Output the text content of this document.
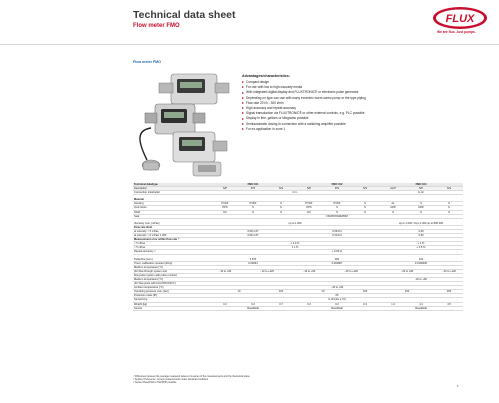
Technical data sheet
Flow meter FMO
FLUX
We are flux. Just pumps.
Flow meter FMO
Advantages/characteristics:
Compact design
For use with low to high-viscosity media
With integrated digital display and FLUXTRONIC® or electronic pulse generator
Depending on type can use with many eccentric worm screw pump or the type piping
Flow rate 20 l/h - 300 l/min
High accuracy and repeat accuracy
Signal transduction via FLUXTRONIC® or other external controls, e.g. PLC possible
Display in litre, gallons or kilograms possible
Semiautomatic dosing in connection with a switching amplifier possible
For ex-application in zone 1
Technical data/type	FMO 101			FMO 102			FMO 104		
Description	S/P	P/S	S/S	S/P	P/S	S/S	AL/P	S/P	S/S
Connection inlet/outlet	G ¾						G 1¼		

Material									
Housing	PVDF	PVDF	S	PVDF	PVDF	S	AL	S	S
Oval rotors	PPS	S	S	PPS	S	S	UDP	UDP	S
Shaft	HC	S	S	HC	S	S	S	S	S
Seal	FKM/FFKM/EPDM								

Viscosity max. [mPas]	up to 1 000						up to 1 000 / from 1 000 up to 800 000		
Flow rate l/min									
at viscosity < 5 mPas	0.08-1.67			0.66-8.3			3-25		
at viscosity > 5 mPas/ 1 000	0.08-1.67			0.33-8.3			3-50		
Measurement error within flow rate ¹⁾									
< 5 mPas	≤ 1.0 %						≤ 1 %		
> 5 mPas	± 1 %						≤ 0.5 %		
Repeat accuracy ¹⁾	≤ 0.03 %								

Pulse/litre (Ann.)	2 970			360			100		
Theor. calibration constant [l/imp]	0.00034			0.002867			0.0100000		
Medium temperature [°C]									
(for flow-through system and	- 10 to +60	- 10 to +120		- 10 to +60	- 20 to +120		- 20 to +80		- 20 to +120
flow-pulse system with pulse monitor)									
Medium temperature [°C]							-20 to +60		
(for flow-pulse with FLUXTRONIC®)									
Ambient temperature [°C]	- 20 to +60								
Operating pressure max. [bar]	10		100	10		100	150		200
Protection class [IP]	65								
Sensor/ring	G 3/4 (Ex e 70)								
Weight [kg]	0.2	0.2	0.7	0.2	0.2	0.4	1.4	4.1	4.5
Sensor	Reed/Hall			Reed/Hall			Reed/Hall		
¹⁾ Difference between the average measured values of a series of five measurements and the theoretical value
²⁾ Applies if reference: correct measurements under identical conditions
³⁾ Sensor Reed/Hall or Hall PNP possible
1
